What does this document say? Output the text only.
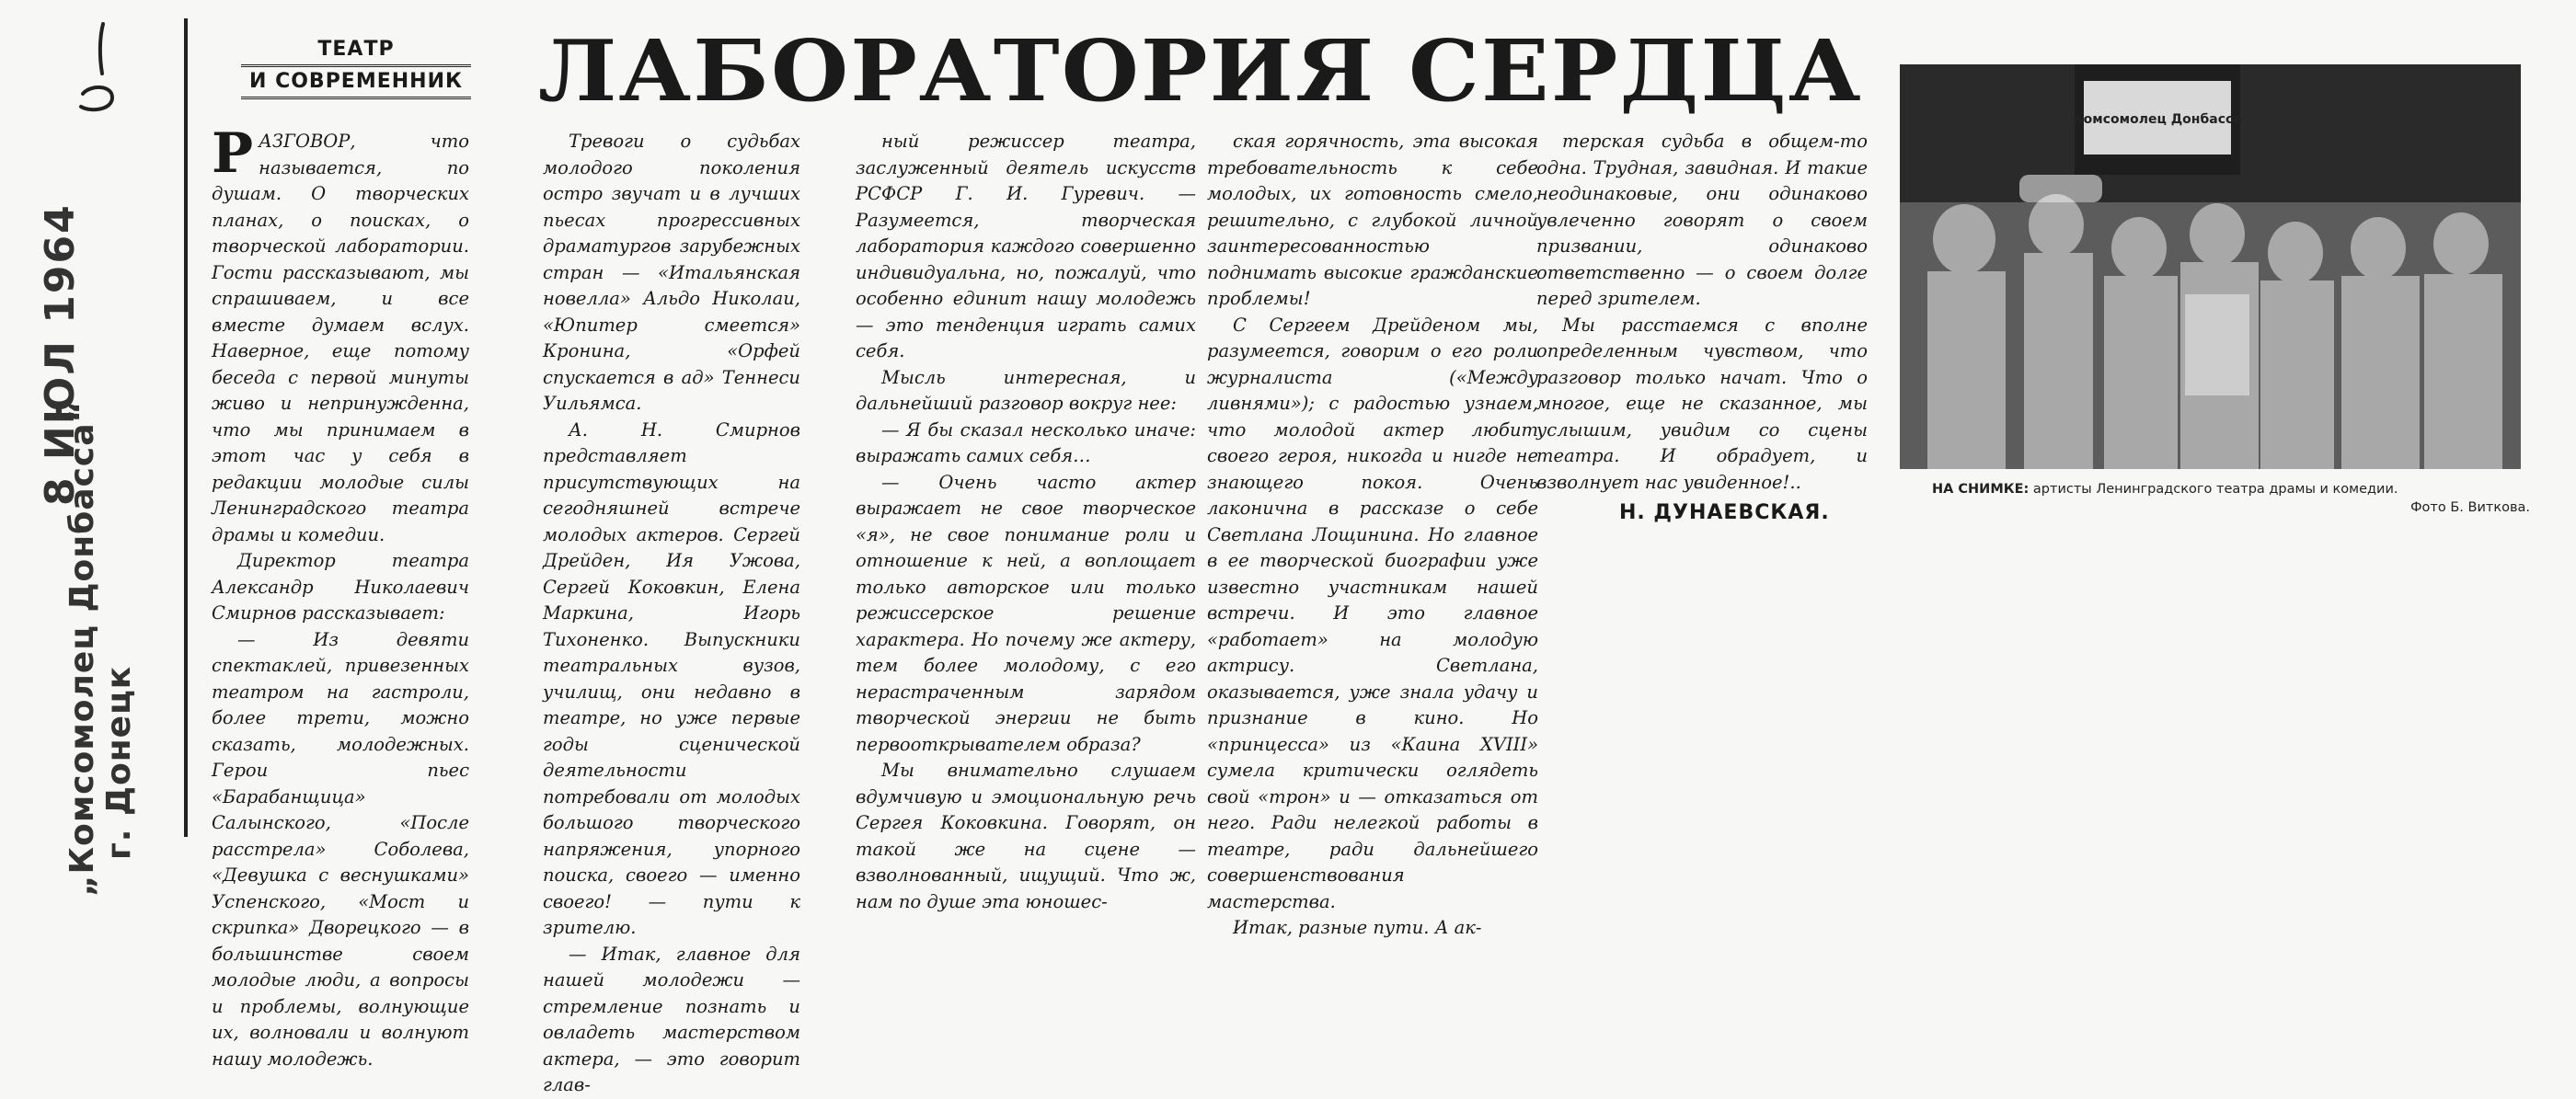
8 ИЮЛ 1964
„Комсомолец Донбасса“ г. Донецк
ТЕАТР
И СОВРЕМЕННИК ЛАБОРАТОРИЯ СЕРДЦА

РАЗГОВОР, что называется, по душам. О творческих планах, о поисках, о творческой лаборатории. Гости рассказывают, мы спрашиваем, и все вместе думаем вслух. Наверное, еще потому беседа с первой минуты живо и непринужденна, что мы принимаем в этот час у себя в редакции молодые силы Ленинградского театра драмы и комедии.

Директор театра Александр Николаевич Смирнов рассказывает:

— Из девяти спектаклей, привезенных театром на гастроли, более трети, можно сказать, молодежных. Герои пьес «Барабанщица» Салынского, «После расстрела» Соболева, «Девушка с веснушками» Успенского, «Мост и скрипка» Дворецкого — в большинстве своем молодые люди, а вопросы и проблемы, волнующие их, волновали и волнуют нашу молодежь.

Тревоги о судьбах молодого поколения остро звучат и в лучших пьесах прогрессивных драматургов зарубежных стран — «Итальянская новелла» Альдо Николаи, «Юпитер смеется» Кронина, «Орфей спускается в ад» Теннеси Уильямса.

А. Н. Смирнов представляет присутствующих на сегодняшней встрече молодых актеров. Сергей Дрейден, Ия Ужова, Сергей Коковкин, Елена Маркина, Игорь Тихоненко. Выпускники театральных вузов, училищ, они недавно в театре, но уже первые годы сценической деятельности потребовали от молодых большого творческого напряжения, упорного поиска, своего — именно своего! — пути к зрителю.

— Итак, главное для нашей молодежи — стремление познать и овладеть мастерством актера, — это говорит глав-

ный режиссер театра, заслуженный деятель искусств РСФСР Г. И. Гуревич. — Разумеется, творческая лаборатория каждого совершенно индивидуальна, но, пожалуй, что особенно единит нашу молодежь — это тенденция играть самих себя.

Мысль интересная, и дальнейший разговор вокруг нее:

— Я бы сказал несколько иначе: выражать самих себя…

— Очень часто актер выражает не свое творческое «я», не свое понимание роли и отношение к ней, а воплощает только авторское или только режиссерское решение характера. Но почему же актеру, тем более молодому, с его нерастраченным зарядом творческой энергии не быть первооткрывателем образа?

Мы внимательно слушаем вдумчивую и эмоциональную речь Сергея Коковкина. Говорят, он такой же на сцене — взволнованный, ищущий. Что ж, нам по душе эта юношес-

ская горячность, эта высокая требовательность к себе молодых, их готовность смело, решительно, с глубокой личной заинтересованностью поднимать высокие гражданские проблемы!

С Сергеем Дрейденом мы, разумеется, говорим о его роли журналиста («Между ливнями»); с радостью узнаем, что молодой актер любит своего героя, никогда и нигде не знающего покоя. Очень лаконична в рассказе о себе Светлана Лощинина. Но главное в ее творческой биографии уже известно участникам нашей встречи. И это главное «работает» на молодую актрису. Светлана, оказывается, уже знала удачу и признание в кино. Но «принцесса» из «Каина XVIII» сумела критически оглядеть свой «трон» и — отказаться от него. Ради нелегкой работы в театре, ради дальнейшего совершенствования мастерства.

Итак, разные пути. А ак-

терская судьба в общем-то одна. Трудная, завидная. И такие неодинаковые, они одинаково увлеченно говорят о своем призвании, одинаково ответственно — о своем долге перед зрителем.

Мы расстаемся с вполне определенным чувством, что разговор только начат. Что о многое, еще не сказанное, мы услышим, увидим со сцены театра. И обрадует, и взволнует нас увиденное!..

Н. ДУНАЕВСКАЯ.
Комсомолец Донбасса
НА СНИМКЕ: артисты Ленинградского театра драмы и комедии.
Фото Б. Виткова.
